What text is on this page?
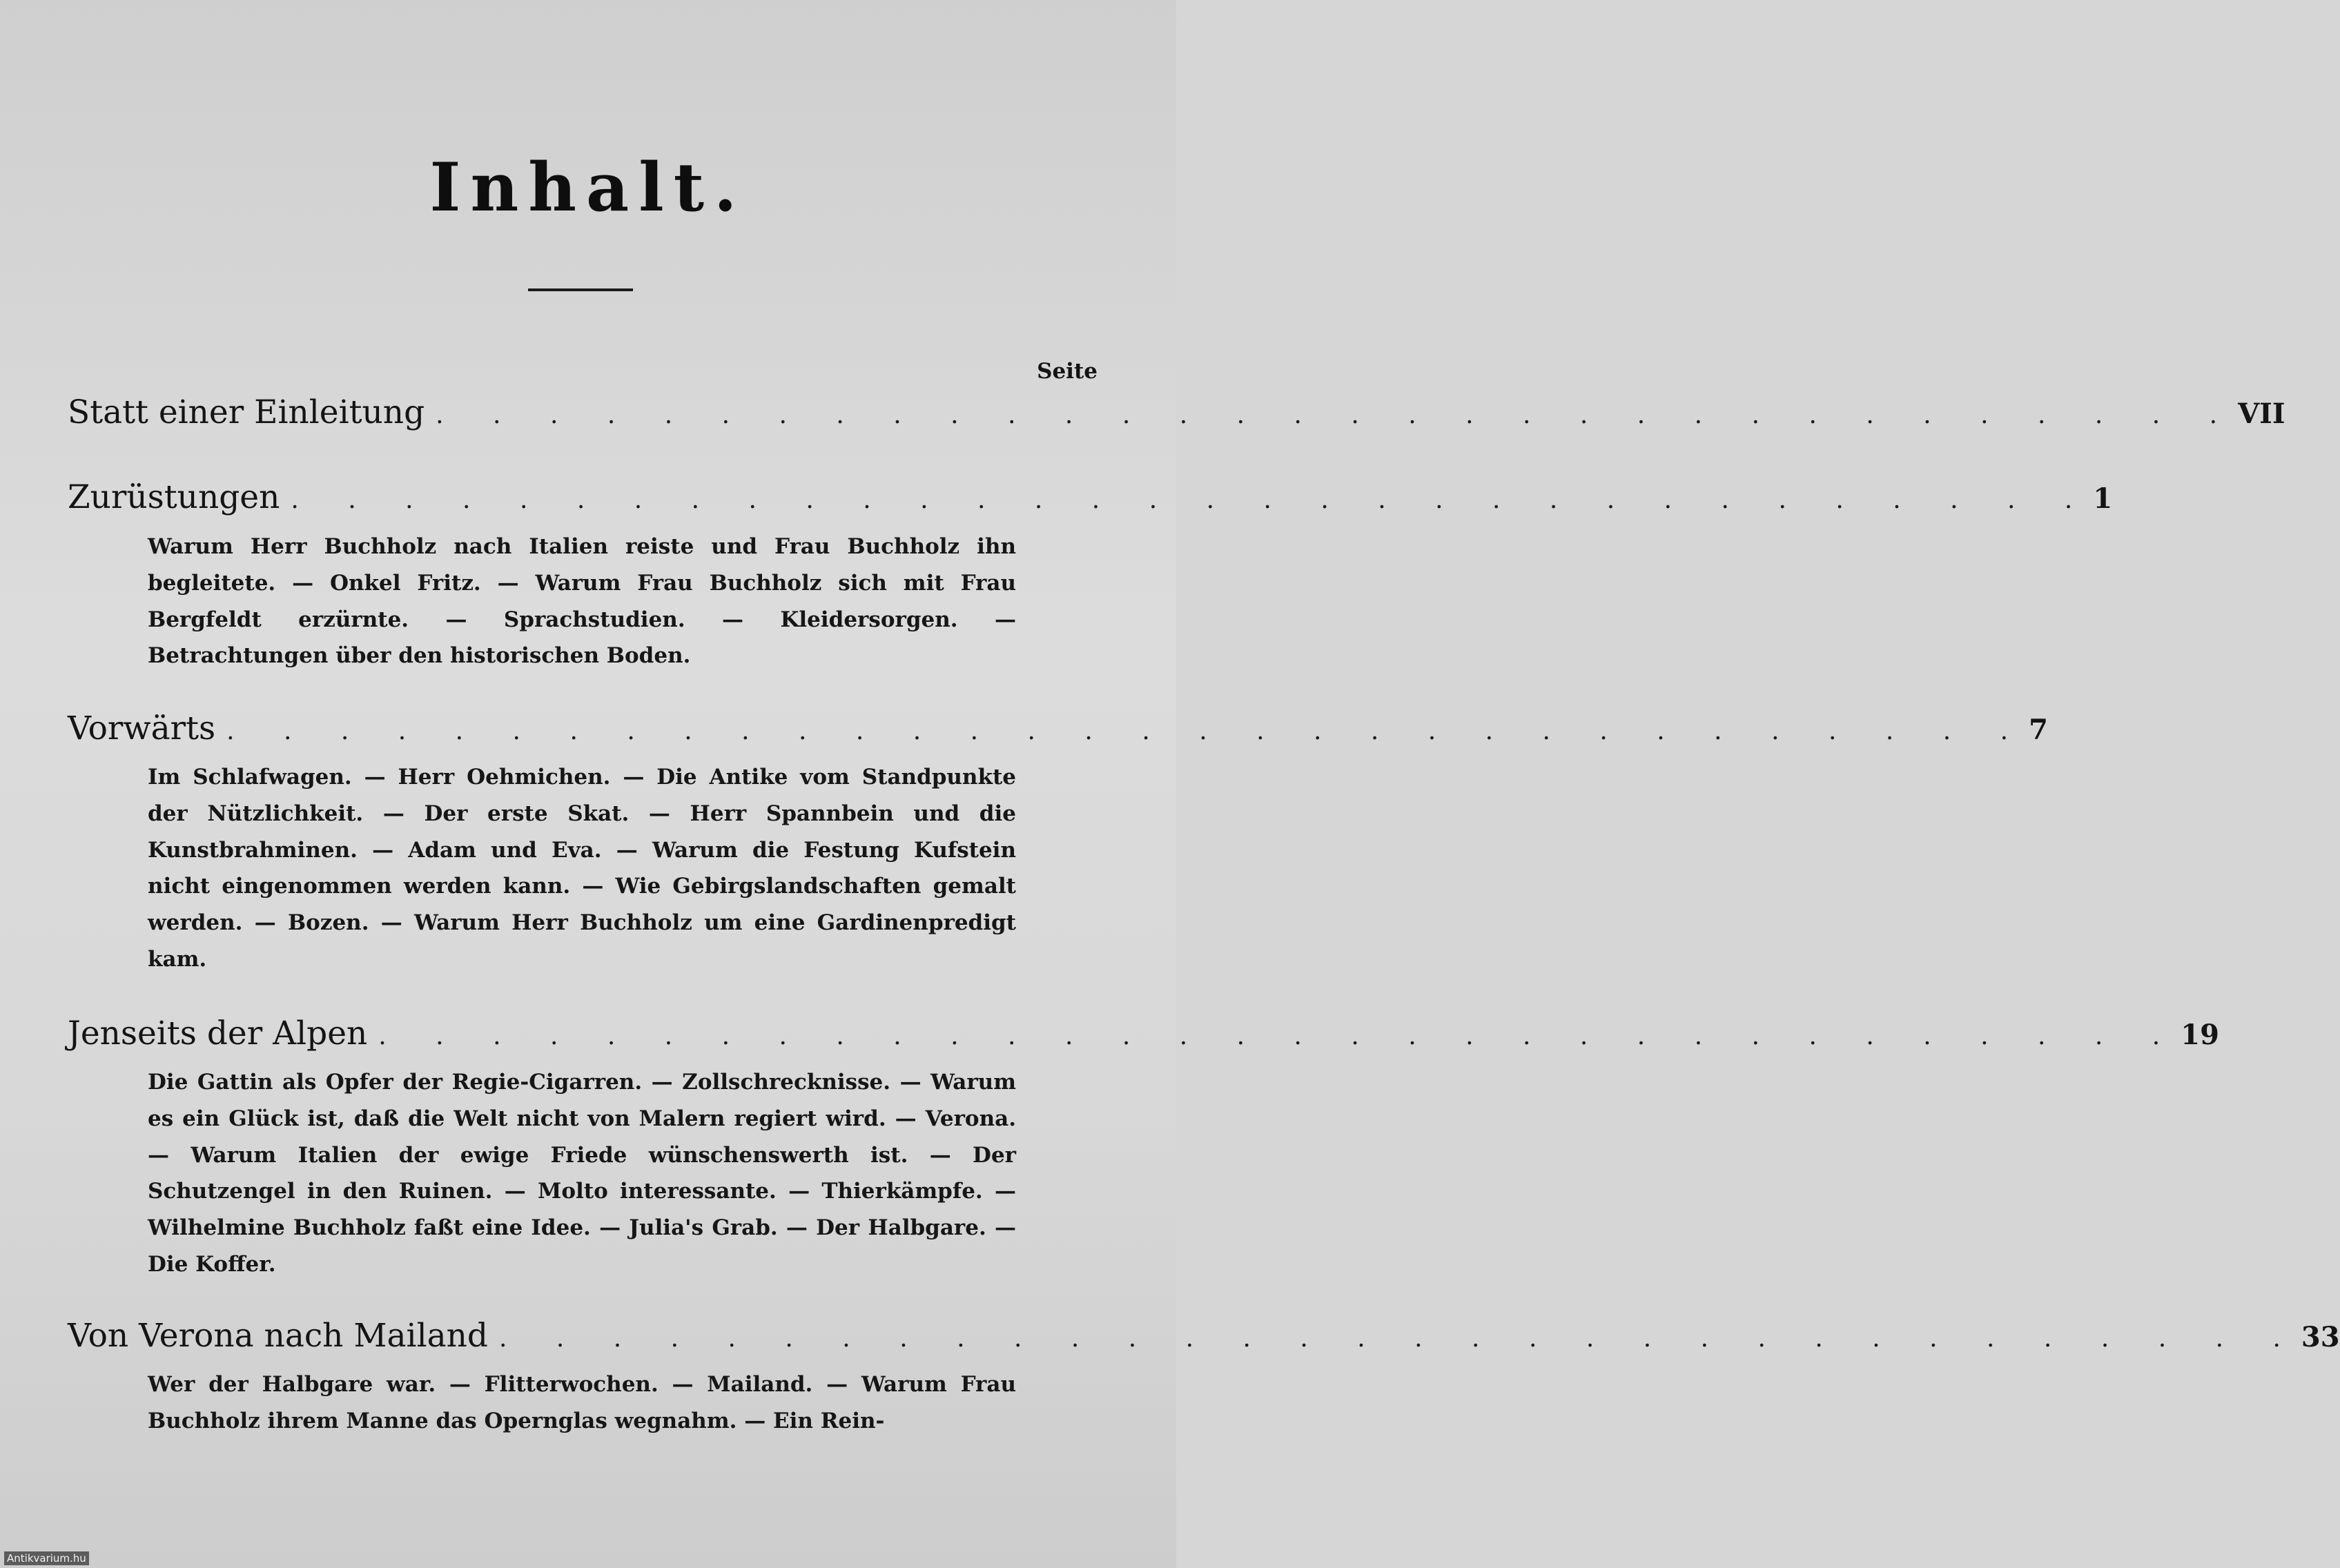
Inhalt.
Seite
Statt einer Einleitung . . . . . . . . . . . . . . . . . . . . . . . . . . . . . . . . VII
Zurüstungen . . . . . . . . . . . . . . . . . . . . . . . . . . . . . . . . 1
Warum Herr Buchholz nach Italien reiste und Frau Buchholz ihn begleitete. — Onkel Fritz. — Warum Frau Buchholz sich mit Frau Bergfeldt erzürnte. — Sprachstudien. — Kleidersorgen. — Betrachtungen über den historischen Boden.
Vorwärts . . . . . . . . . . . . . . . . . . . . . . . . . . . . . . . . 7
Im Schlafwagen. — Herr Oehmichen. — Die Antike vom Standpunkte der Nützlichkeit. — Der erste Skat. — Herr Spannbein und die Kunstbrahminen. — Adam und Eva. — Warum die Festung Kufstein nicht eingenommen werden kann. — Wie Gebirgslandschaften gemalt werden. — Bozen. — Warum Herr Buchholz um eine Gardinenpredigt kam.
Jenseits der Alpen . . . . . . . . . . . . . . . . . . . . . . . . . . . . . . . . 19
Die Gattin als Opfer der Regie-Cigarren. — Zollschrecknisse. — Warum es ein Glück ist, daß die Welt nicht von Malern regiert wird. — Verona. — Warum Italien der ewige Friede wünschenswerth ist. — Der Schutzengel in den Ruinen. — Molto interessante. — Thierkämpfe. — Wilhelmine Buchholz faßt eine Idee. — Julia's Grab. — Der Halbgare. — Die Koffer.
Von Verona nach Mailand . . . . . . . . . . . . . . . . . . . . . . . . . . . . . . . . 33
Wer der Halbgare war. — Flitterwochen. — Mailand. — Warum Frau Buchholz ihrem Manne das Opernglas wegnahm. — Ein Rein-
Antikvarium.hu
